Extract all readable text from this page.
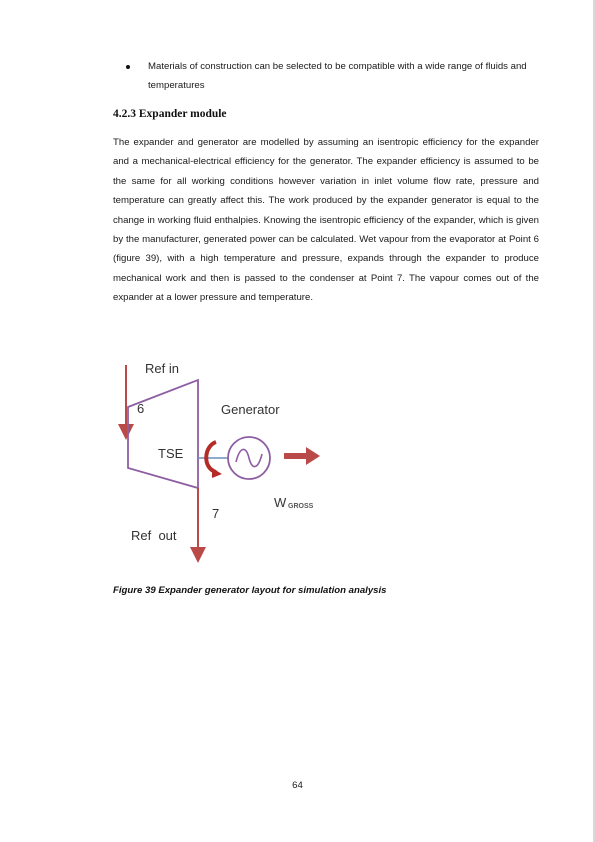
Materials of construction can be selected to be compatible with a wide range of fluids and temperatures
4.2.3 Expander module
The expander and generator are modelled by assuming an isentropic efficiency for the expander and a mechanical-electrical efficiency for the generator. The expander efficiency is assumed to be the same for all working conditions however variation in inlet volume flow rate, pressure and temperature can greatly affect this. The work produced by the expander generator is equal to the change in working fluid enthalpies. Knowing the isentropic efficiency of the expander, which is given by the manufacturer, generated power can be calculated. Wet vapour from the evaporator at Point 6 (figure 39), with a high temperature and pressure, expands through the expander to produce mechanical work and then is passed to the condenser at Point 7. The vapour comes out of the expander at a lower pressure and temperature.
Ref in
6	Generator
TSE
7
W GROSS
Ref  out
Figure 39 Expander generator layout for simulation analysis
64
